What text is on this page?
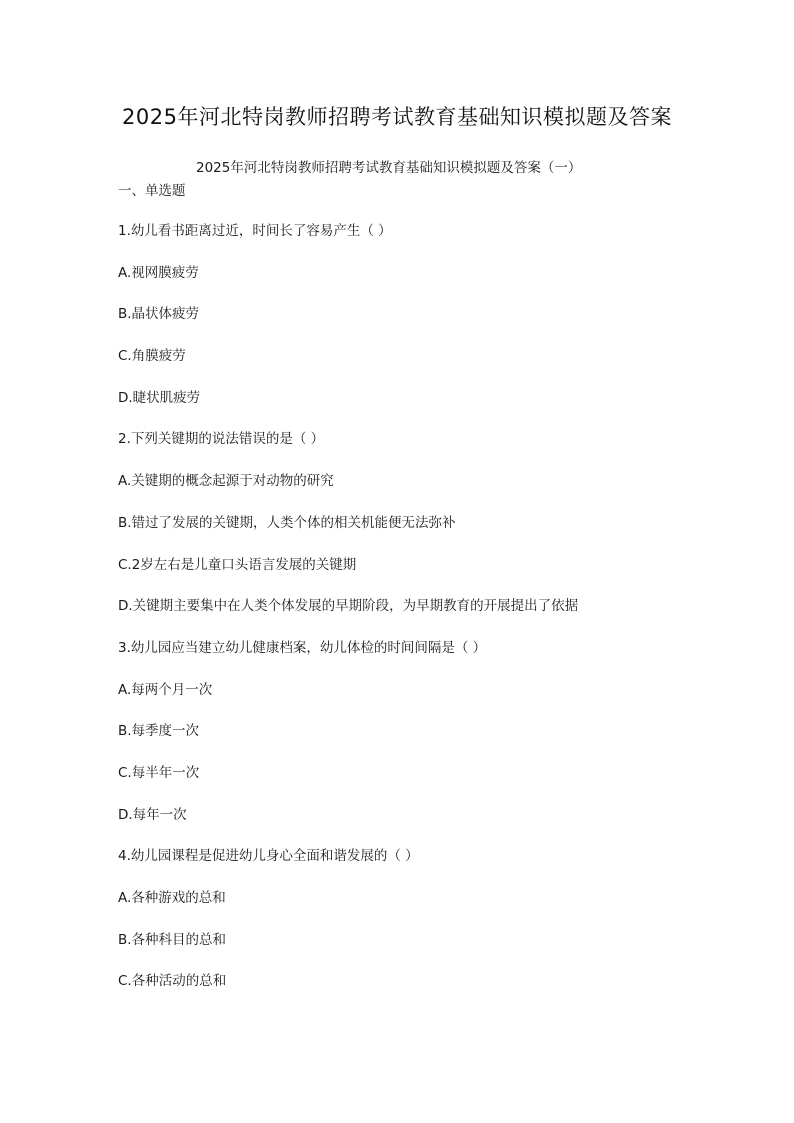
2025年河北特岗教师招聘考试教育基础知识模拟题及答案
2025年河北特岗教师招聘考试教育基础知识模拟题及答案（一）
一、单选题
1.幼儿看书距离过近，时间长了容易产生（ ）
A.视网膜疲劳
B.晶状体疲劳
C.角膜疲劳
D.睫状肌疲劳
2.下列关键期的说法错误的是（ ）
A.关键期的概念起源于对动物的研究
B.错过了发展的关键期，人类个体的相关机能便无法弥补
C.2岁左右是儿童口头语言发展的关键期
D.关键期主要集中在人类个体发展的早期阶段，为早期教育的开展提出了依据
3.幼儿园应当建立幼儿健康档案，幼儿体检的时间间隔是（ ）
A.每两个月一次
B.每季度一次
C.每半年一次
D.每年一次
4.幼儿园课程是促进幼儿身心全面和谐发展的（ ）
A.各种游戏的总和
B.各种科目的总和
C.各种活动的总和
